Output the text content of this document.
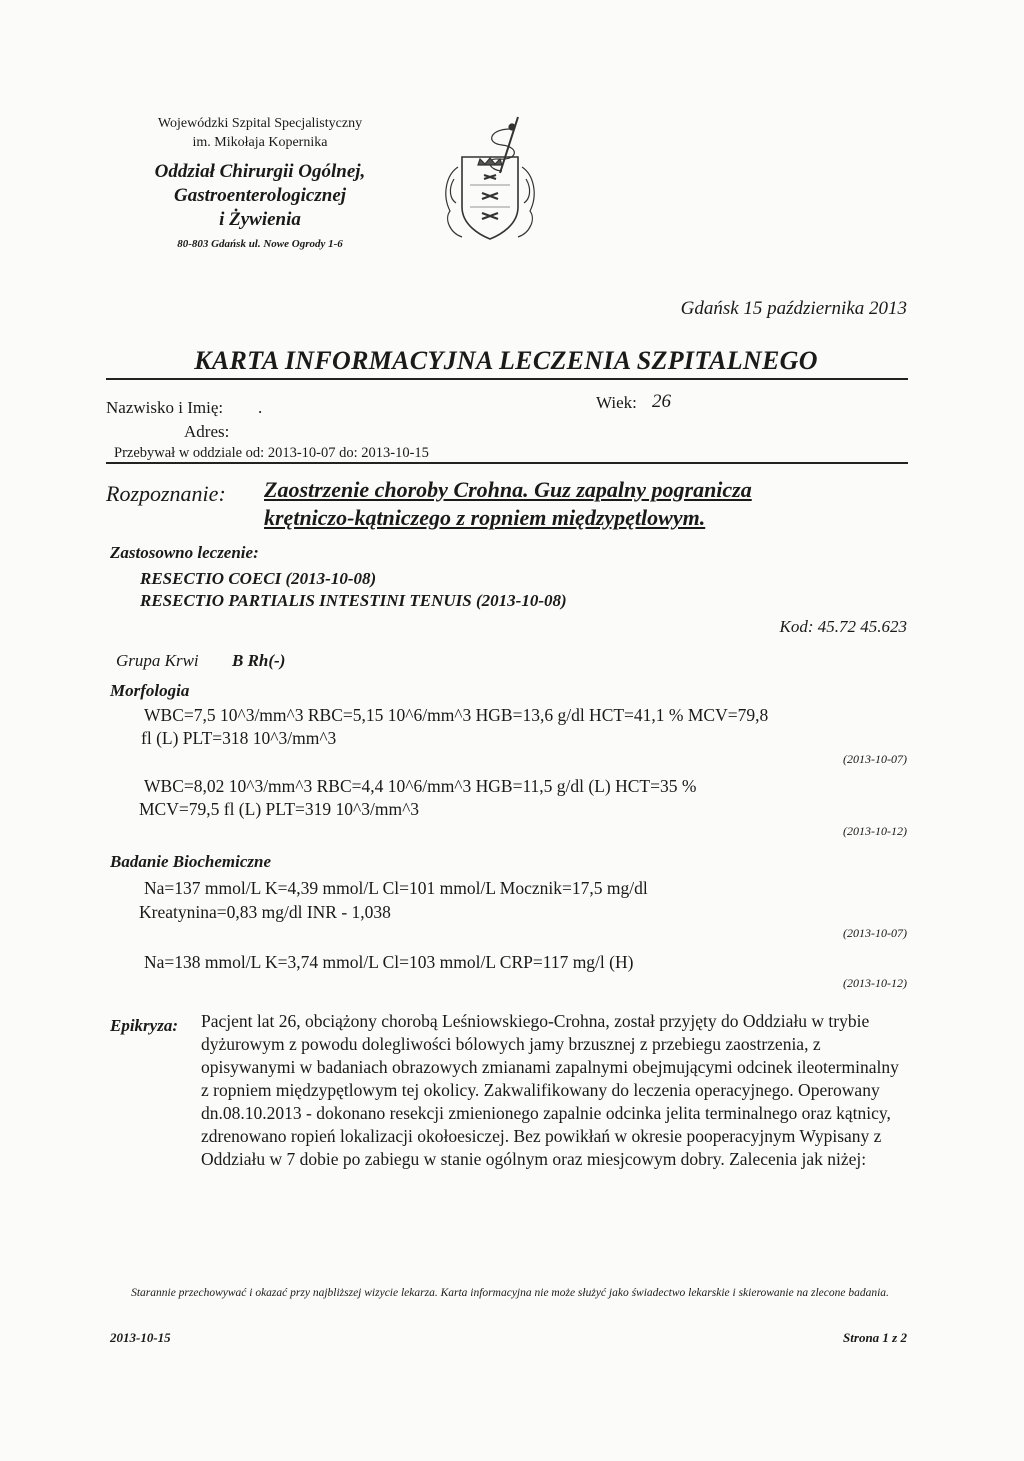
Wojewódzki Szpital Specjalistyczny
im. Mikołaja Kopernika
Oddział Chirurgii Ogólnej,
Gastroenterologicznej
i Żywienia
80-803 Gdańsk ul. Nowe Ogrody 1-6
Gdańsk 15 października 2013
KARTA INFORMACYJNA LECZENIA SZPITALNEGO
Nazwisko i Imię: .	Wiek: 26
Adres:
Przebywał w oddziale od: 2013-10-07 do: 2013-10-15
Rozpoznanie: Zaostrzenie choroby Crohna. Guz zapalny pogranicza
krętniczo-kątniczego z ropniem międzypętlowym.
Zastosowno leczenie:
RESECTIO COECI (2013-10-08)
RESECTIO PARTIALIS INTESTINI TENUIS (2013-10-08)
Kod: 45.72 45.623
Grupa Krwi B Rh(-)
Morfologia
WBC=7,5 10^3/mm^3 RBC=5,15 10^6/mm^3 HGB=13,6 g/dl HCT=41,1 % MCV=79,8
fl (L) PLT=318 10^3/mm^3
(2013-10-07)
WBC=8,02 10^3/mm^3 RBC=4,4 10^6/mm^3 HGB=11,5 g/dl (L) HCT=35 %
MCV=79,5 fl (L) PLT=319 10^3/mm^3
(2013-10-12)
Badanie Biochemiczne
Na=137 mmol/L K=4,39 mmol/L Cl=101 mmol/L Mocznik=17,5 mg/dl
Kreatynina=0,83 mg/dl INR - 1,038
(2013-10-07)
Na=138 mmol/L K=3,74 mmol/L Cl=103 mmol/L CRP=117 mg/l (H)
(2013-10-12)
Epikryza: Pacjent lat 26, obciążony chorobą Leśniowskiego-Crohna, został przyjęty do Oddziału w trybie dyżurowym z powodu dolegliwości bólowych jamy brzusznej z przebiegu zaostrzenia, z opisywanymi w badaniach obrazowych zmianami zapalnymi obejmującymi odcinek ileoterminalny z ropniem międzypętlowym tej okolicy. Zakwalifikowany do leczenia operacyjnego. Operowany dn.08.10.2013 - dokonano resekcji zmienionego zapalnie odcinka jelita terminalnego oraz kątnicy, zdrenowano ropień lokalizacji okołoesiczej. Bez powikłań w okresie pooperacyjnym Wypisany z Oddziału w 7 dobie po zabiegu w stanie ogólnym oraz miesjcowym dobry. Zalecenia jak niżej:
Starannie przechowywać i okazać przy najbliższej wizycie lekarza. Karta informacyjna nie może służyć jako świadectwo lekarskie i skierowanie na zlecone badania.
2013-10-15	Strona 1 z 2
